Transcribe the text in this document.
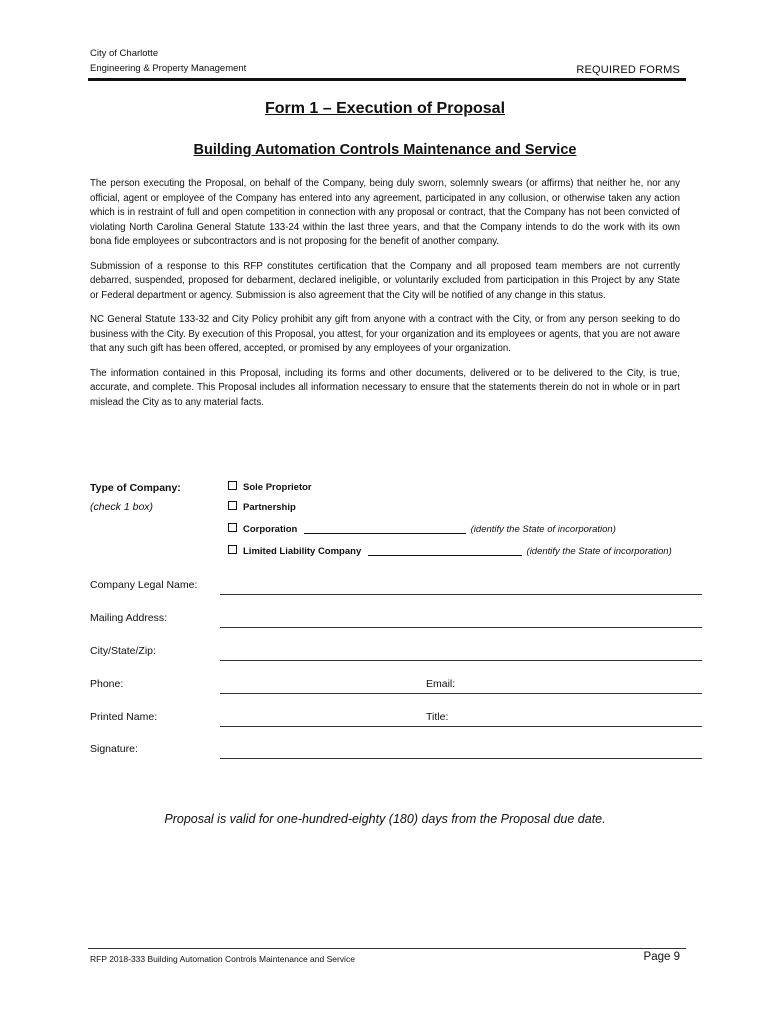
City of Charlotte
Engineering & Property Management	REQUIRED FORMS
Form 1 – Execution of Proposal
Building Automation Controls Maintenance and Service

The person executing the Proposal, on behalf of the Company, being duly sworn, solemnly swears (or affirms) that neither he, nor any official, agent or employee of the Company has entered into any agreement, participated in any collusion, or otherwise taken any action which is in restraint of full and open competition in connection with any proposal or contract, that the Company has not been convicted of violating North Carolina General Statute 133-24 within the last three years, and that the Company intends to do the work with its own bona fide employees or subcontractors and is not proposing for the benefit of another company.

Submission of a response to this RFP constitutes certification that the Company and all proposed team members are not currently debarred, suspended, proposed for debarment, declared ineligible, or voluntarily excluded from participation in this Project by any State or Federal department or agency. Submission is also agreement that the City will be notified of any change in this status.

NC General Statute 133-32 and City Policy prohibit any gift from anyone with a contract with the City, or from any person seeking to do business with the City. By execution of this Proposal, you attest, for your organization and its employees or agents, that you are not aware that any such gift has been offered, accepted, or promised by any employees of your organization.

The information contained in this Proposal, including its forms and other documents, delivered or to be delivered to the City, is true, accurate, and complete. This Proposal includes all information necessary to ensure that the statements therein do not in whole or in part mislead the City as to any material facts.

Type of Company:
(check 1 box)
Sole Proprietor
Partnership
Corporation	(identify the State of incorporation)
Limited Liability Company	(identify the State of incorporation)
Company Legal Name:
Mailing Address:
City/State/Zip:
Phone:	Email:
Printed Name:	Title:
Signature:
Proposal is valid for one-hundred-eighty (180) days from the Proposal due date.
RFP 2018-333 Building Automation Controls Maintenance and Service	Page 9
